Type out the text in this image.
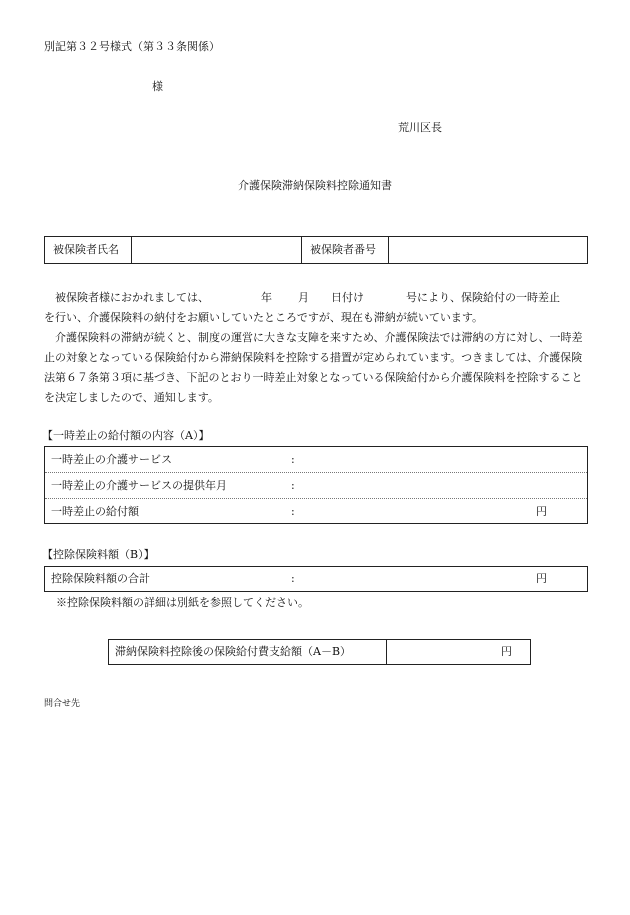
別記第３２号様式（第３３条関係）
様
荒川区長
介護保険滞納保険料控除通知書
被保険者氏名	被保険者番号
被保険者様におかれましては、	年 月 日付け	号により、保険給付の一時差止
を行い、介護保険料の納付をお願いしていたところですが、現在も滞納が続いています。
介護保険料の滞納が続くと、制度の運営に大きな支障を来すため、介護保険法では滞納の方に対し、一時差止の対象となっている保険給付から滞納保険料を控除する措置が定められています。つきましては、介護保険法第６７条第３項に基づき、下記のとおり一時差止対象となっている保険給付から介護保険料を控除することを決定しましたので、通知します。
【一時差止の給付額の内容（A）】
一時差止の介護サービス	:
一時差止の介護サービスの提供年月	:
一時差止の給付額	:	円
【控除保険料額（B）】
控除保険料額の合計	:	円
※控除保険料額の詳細は別紙を参照してください。
滞納保険料控除後の保険給付費支給額（A－B）	円
問合せ先
